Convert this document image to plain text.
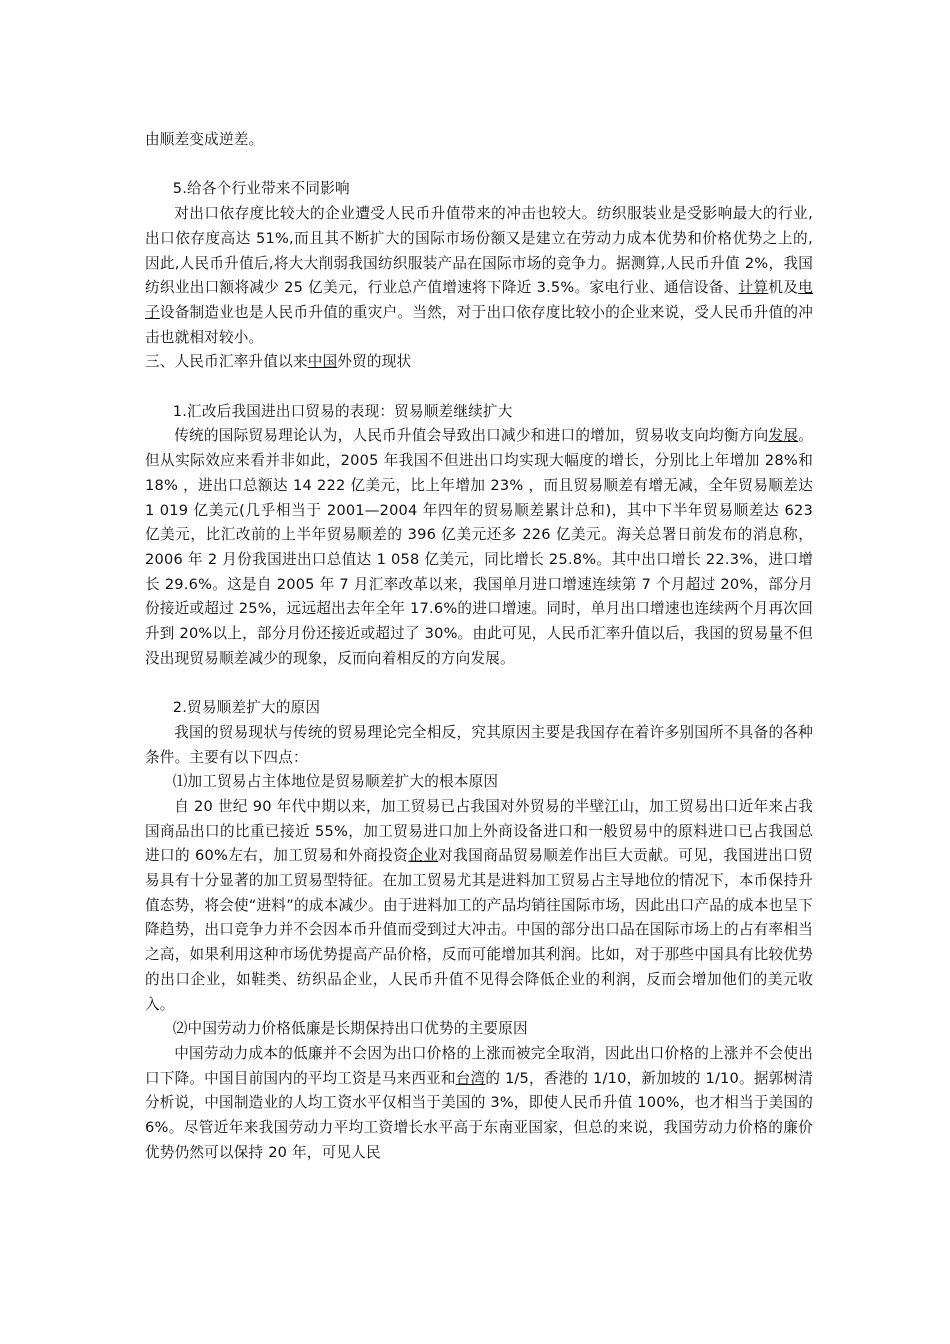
由顺差变成逆差。

5.给各个行业带来不同影响

对出口依存度比较大的企业遭受人民币升值带来的冲击也较大。纺织服装业是受影响最大的行业,出口依存度高达 51%,而且其不断扩大的国际市场份额又是建立在劳动力成本优势和价格优势之上的,因此,人民币升值后,将大大削弱我国纺织服装产品在国际市场的竞争力。据测算,人民币升值 2%，我国纺织业出口额将减少 25 亿美元，行业总产值增速将下降近 3.5%。家电行业、通信设备、计算机及电子设备制造业也是人民币升值的重灾户。当然，对于出口依存度比较小的企业来说，受人民币升值的冲击也就相对较小。

三、人民币汇率升值以来中国外贸的现状

1.汇改后我国进出口贸易的表现：贸易顺差继续扩大

传统的国际贸易理论认为，人民币升值会导致出口减少和进口的增加，贸易收支向均衡方向发展。但从实际效应来看并非如此，2005 年我国不但进出口均实现大幅度的增长，分别比上年增加 28%和 18% ，进出口总额达 14 222 亿美元，比上年增加 23% ，而且贸易顺差有增无减，全年贸易顺差达 1 019 亿美元(几乎相当于 2001—2004 年四年的贸易顺差累计总和)，其中下半年贸易顺差达 623 亿美元，比汇改前的上半年贸易顺差的 396 亿美元还多 226 亿美元。海关总署日前发布的消息称，2006 年 2 月份我国进出口总值达 1 058 亿美元，同比增长 25.8%。其中出口增长 22.3%，进口增长 29.6%。这是自 2005 年 7 月汇率改革以来，我国单月进口增速连续第 7 个月超过 20%，部分月份接近或超过 25%，远远超出去年全年 17.6%的进口增速。同时，单月出口增速也连续两个月再次回升到 20%以上，部分月份还接近或超过了 30%。由此可见，人民币汇率升值以后，我国的贸易量不但没出现贸易顺差减少的现象，反而向着相反的方向发展。

2.贸易顺差扩大的原因

我国的贸易现状与传统的贸易理论完全相反，究其原因主要是我国存在着许多别国所不具备的各种条件。主要有以下四点：

⑴加工贸易占主体地位是贸易顺差扩大的根本原因

自 20 世纪 90 年代中期以来，加工贸易已占我国对外贸易的半壁江山，加工贸易出口近年来占我国商品出口的比重已接近 55%，加工贸易进口加上外商设备进口和一般贸易中的原料进口已占我国总进口的 60%左右，加工贸易和外商投资企业对我国商品贸易顺差作出巨大贡献。可见，我国进出口贸易具有十分显著的加工贸易型特征。在加工贸易尤其是进料加工贸易占主导地位的情况下，本币保持升值态势，将会使“进料”的成本减少。由于进料加工的产品均销往国际市场，因此出口产品的成本也呈下降趋势，出口竞争力并不会因本币升值而受到过大冲击。中国的部分出口品在国际市场上的占有率相当之高，如果利用这种市场优势提高产品价格，反而可能增加其利润。比如，对于那些中国具有比较优势的出口企业，如鞋类、纺织品企业，人民币升值不见得会降低企业的利润，反而会增加他们的美元收入。

⑵中国劳动力价格低廉是长期保持出口优势的主要原因

中国劳动力成本的低廉并不会因为出口价格的上涨而被完全取消，因此出口价格的上涨并不会使出口下降。中国目前国内的平均工资是马来西亚和台湾的 1/5，香港的 1/10，新加坡的 1/10。据郭树清分析说，中国制造业的人均工资水平仅相当于美国的 3%，即使人民币升值 100%，也才相当于美国的 6%。尽管近年来我国劳动力平均工资增长水平高于东南亚国家，但总的来说，我国劳动力价格的廉价优势仍然可以保持 20 年，可见人民
